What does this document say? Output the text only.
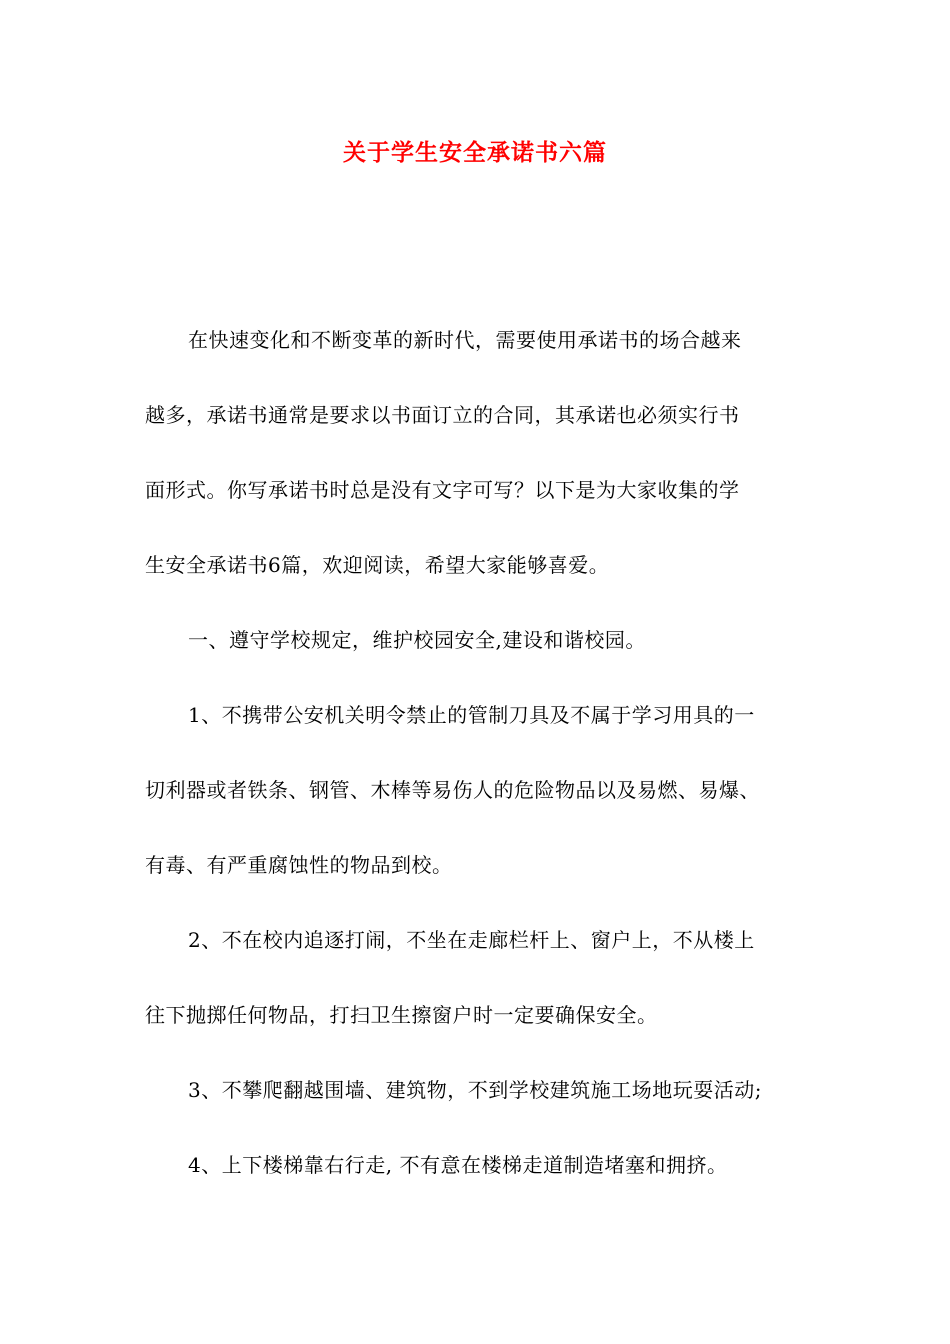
关于学生安全承诺书六篇
在快速变化和不断变革的新时代，需要使用承诺书的场合越来
越多，承诺书通常是要求以书面订立的合同，其承诺也必须实行书
面形式。你写承诺书时总是没有文字可写？以下是为大家收集的学
生安全承诺书6篇，欢迎阅读，希望大家能够喜爱。
一、遵守学校规定，维护校园安全,建设和谐校园。
1、不携带公安机关明令禁止的管制刀具及不属于学习用具的一
切利器或者铁条、钢管、木棒等易伤人的危险物品以及易燃、易爆、
有毒、有严重腐蚀性的物品到校。
2、不在校内追逐打闹，不坐在走廊栏杆上、窗户上，不从楼上
往下抛掷任何物品，打扫卫生擦窗户时一定要确保安全。
3、不攀爬翻越围墙、建筑物，不到学校建筑施工场地玩耍活动;
4、上下楼梯靠右行走, 不有意在楼梯走道制造堵塞和拥挤。
